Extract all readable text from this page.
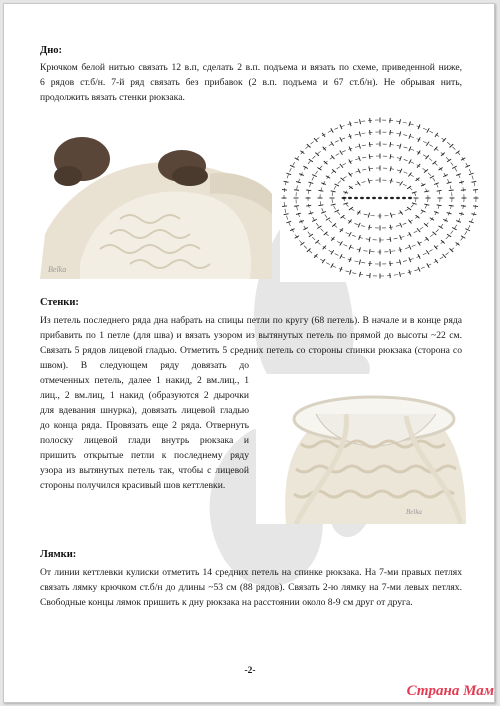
Дно:
Крючком белой нитью связать 12 в.п, сделать 2 в.п. подъема и вязать по схеме, приведенной ниже,
6 рядов ст.б/н. 7-й ряд связать без прибавок (2 в.п. подъема и 67 ст.б/н). Не обрывая нить,
продолжить вязать стенки рюкзака.
Belka
Стенки:
Из петель последнего ряда дна набрать на спицы петли по кругу (68 петель). В начале и в конце ряда
прибавить по 1 петле (для шва) и вязать узором из вытянутых петель по прямой до высоты ~22 см.
Связать 5 рядов лицевой гладью. Отметить 5 средних петель со стороны спинки рюкзака (сторона со
швом). В следующем ряду довязать до
отмеченных петель, далее 1 накид, 2 вм.лиц., 1
лиц., 2 вм.лиц, 1 накид (образуются 2 дырочки
для вдевания шнурка), довязать лицевой гладью
до конца ряда. Провязать еще 2 ряда. Отвернуть
полоску лицевой глади внутрь рюкзака и
пришить открытые петли к последнему ряду
узора из вытянутых петель так, чтобы с лицевой
стороны получился красивый шов кеттлевки.
Belka
Лямки:
От линии кеттлевки кулиски отметить 14 средних петель на спинке рюкзака. На 7-ми правых петлях
связать лямку крючком ст.б/н до длины ~53 см (88 рядов). Связать 2-ю лямку на 7-ми левых петлях.
Свободные концы лямок пришить к дну рюкзака на расстоянии около 8-9 см друг от друга.
-2-
Страна Мам
